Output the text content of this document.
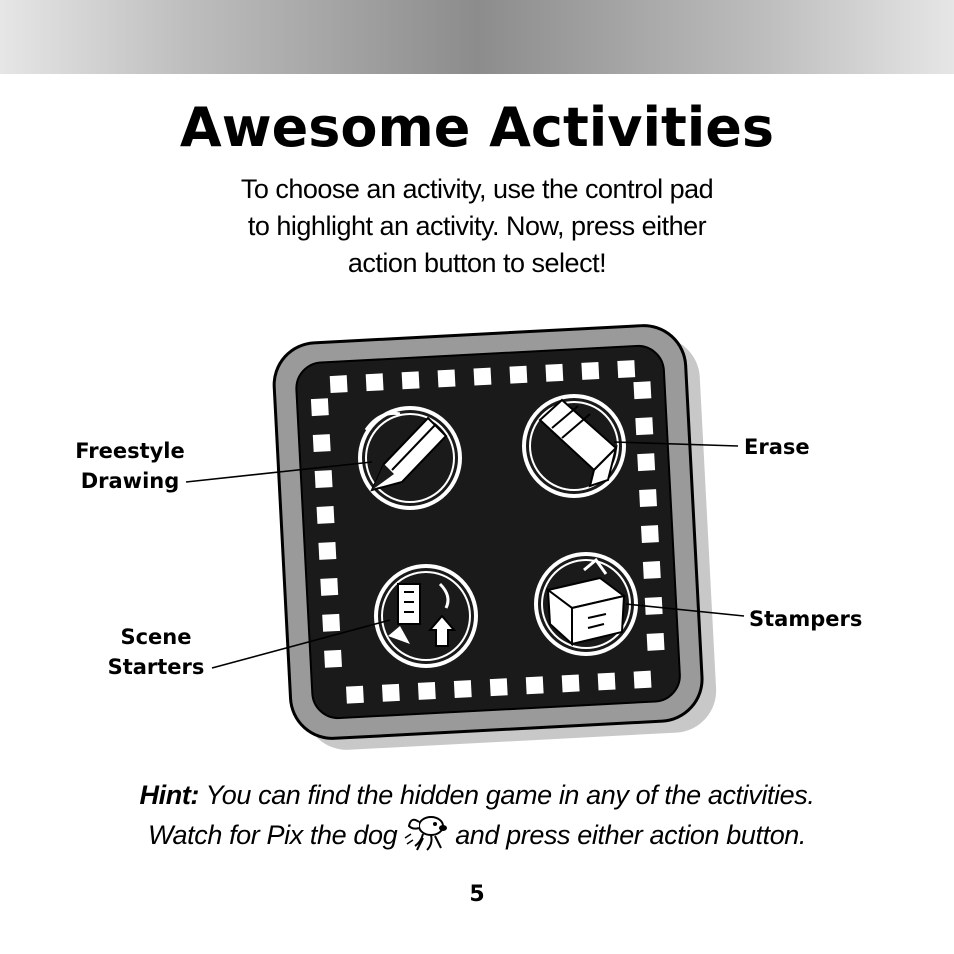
Awesome Activities
To choose an activity, use the control pad
to highlight an activity. Now, press either
action button to select!
Freestyle
Drawing
Erase
Scene
Starters
Stampers
Hint: You can find the hidden game in any of the activities.
Watch for Pix the dog and press either action button.
5
